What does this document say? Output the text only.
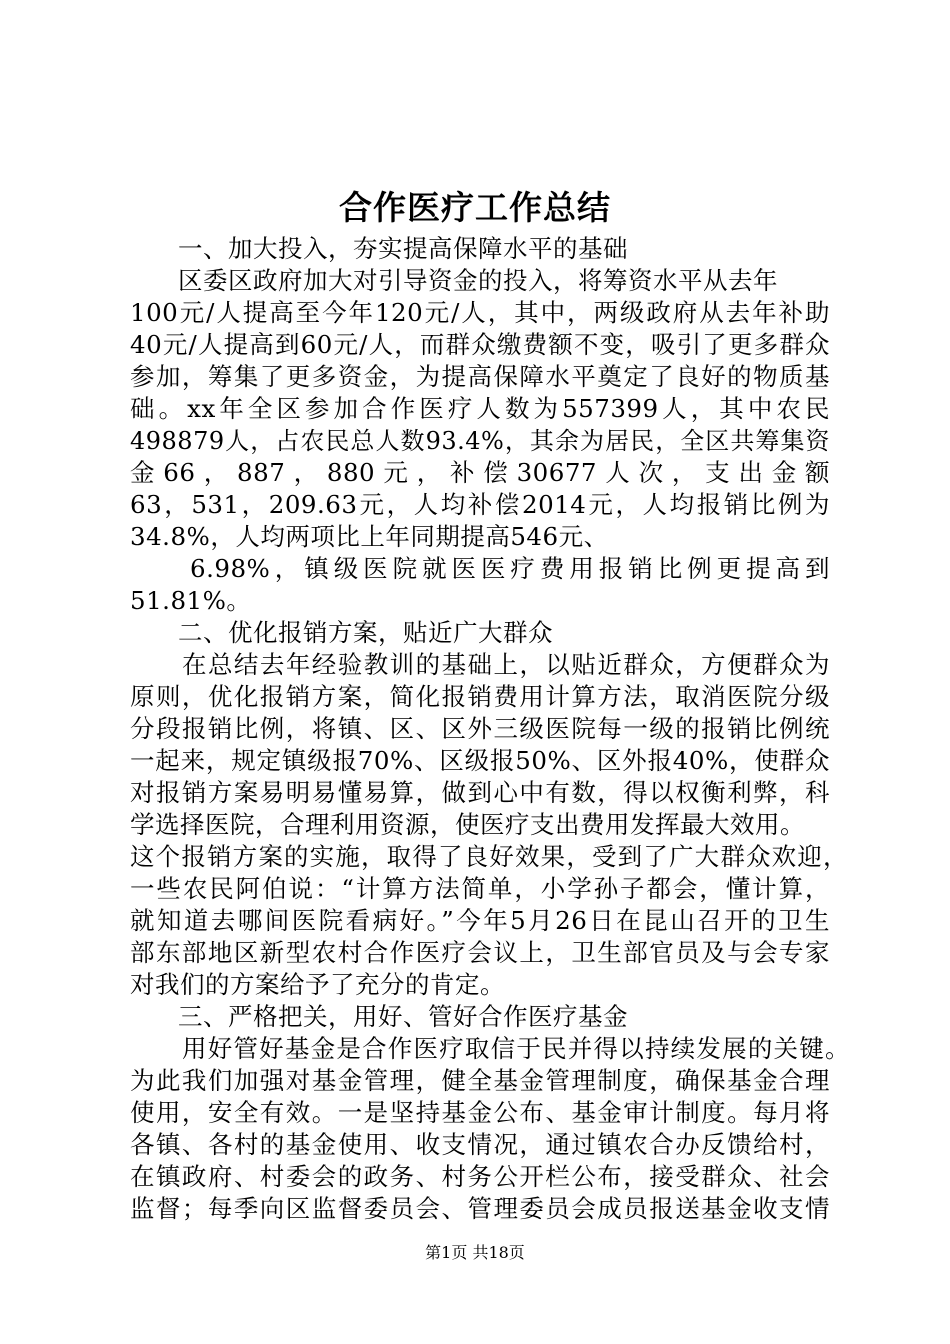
合作医疗工作总结
一、加大投入，夯实提高保障水平的基础
区委区政府加大对引导资金的投入，将筹资水平从去年
100元/人提高至今年120元/人，其中，两级政府从去年补助
40元/人提高到60元/人，而群众缴费额不变，吸引了更多群众
参加，筹集了更多资金，为提高保障水平奠定了良好的物质基
础。xx年全区参加合作医疗人数为557399人，其中农民
498879人，占农民总人数93.4%，其余为居民，全区共筹集资
金 66 ， 887 ， 880 元 ， 补 偿 30677 人 次 ， 支 出 金 额
63，531，209.63元，人均补偿2014元，人均报销比例为
34.8%，人均两项比上年同期提高546元、
6.98%，镇级医院就医医疗费用报销比例更提高到
51.81%。
二、优化报销方案，贴近广大群众
在总结去年经验教训的基础上，以贴近群众，方便群众为
原则，优化报销方案，简化报销费用计算方法，取消医院分级
分段报销比例，将镇、区、区外三级医院每一级的报销比例统
一起来，规定镇级报70%、区级报50%、区外报40%，使群众
对报销方案易明易懂易算，做到心中有数，得以权衡利弊，科
学选择医院，合理利用资源，使医疗支出费用发挥最大效用。
这个报销方案的实施，取得了良好效果，受到了广大群众欢迎，
一些农民阿伯说：“计算方法简单，小学孙子都会，懂计算，
就知道去哪间医院看病好。”今年5月26日在昆山召开的卫生
部东部地区新型农村合作医疗会议上，卫生部官员及与会专家
对我们的方案给予了充分的肯定。
三、严格把关，用好、管好合作医疗基金
用好管好基金是合作医疗取信于民并得以持续发展的关键。
为此我们加强对基金管理，健全基金管理制度，确保基金合理
使用，安全有效。一是坚持基金公布、基金审计制度。每月将
各镇、各村的基金使用、收支情况，通过镇农合办反馈给村，
在镇政府、村委会的政务、村务公开栏公布，接受群众、社会
监督；每季向区监督委员会、管理委员会成员报送基金收支情
第1页 共18页
